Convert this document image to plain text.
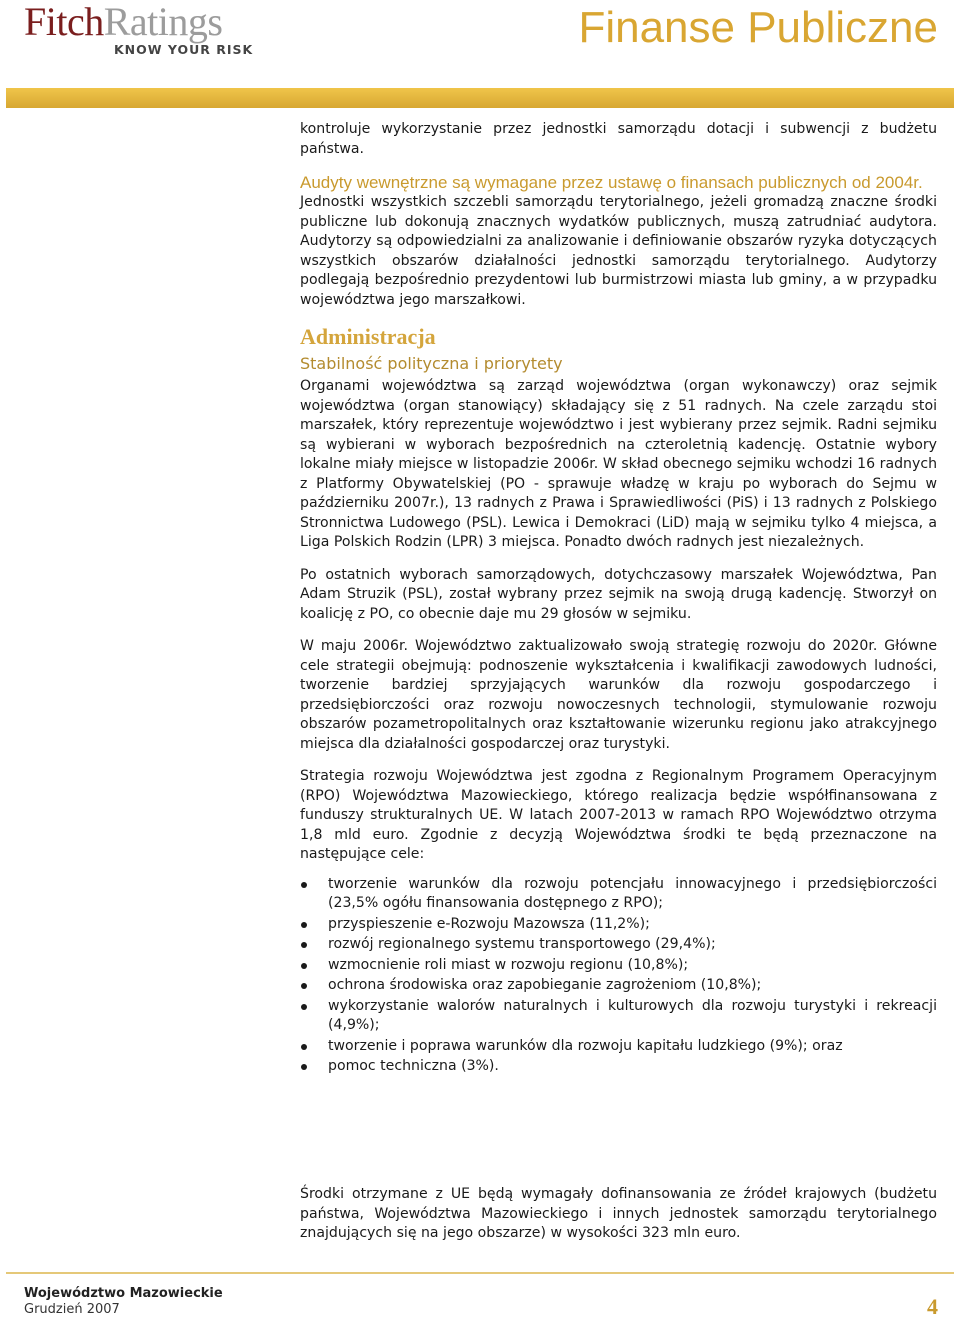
FitchRatings
KNOW YOUR RISK	Finanse Publiczne

kontroluje wykorzystanie przez jednostki samorządu dotacji i subwencji z budżetu państwa.

Audyty wewnętrzne są wymagane przez ustawę o finansach publicznych od 2004r.

Jednostki wszystkich szczebli samorządu terytorialnego, jeżeli gromadzą znaczne środki publiczne lub dokonują znacznych wydatków publicznych, muszą zatrudniać audytora. Audytorzy są odpowiedzialni za analizowanie i definiowanie obszarów ryzyka dotyczących wszystkich obszarów działalności jednostki samorządu terytorialnego. Audytorzy podlegają bezpośrednio prezydentowi lub burmistrzowi miasta lub gminy, a w przypadku województwa jego marszałkowi.

Administracja
Stabilność polityczna i priorytety

Organami województwa są zarząd województwa (organ wykonawczy) oraz sejmik województwa (organ stanowiący) składający się z 51 radnych. Na czele zarządu stoi marszałek, który reprezentuje województwo i jest wybierany przez sejmik. Radni sejmiku są wybierani w wyborach bezpośrednich na czteroletnią kadencję. Ostatnie wybory lokalne miały miejsce w listopadzie 2006r. W skład obecnego sejmiku wchodzi 16 radnych z Platformy Obywatelskiej (PO - sprawuje władzę w kraju po wyborach do Sejmu w październiku 2007r.), 13 radnych z Prawa i Sprawiedliwości (PiS) i 13 radnych z Polskiego Stronnictwa Ludowego (PSL). Lewica i Demokraci (LiD) mają w sejmiku tylko 4 miejsca, a Liga Polskich Rodzin (LPR) 3 miejsca. Ponadto dwóch radnych jest niezależnych.

Po ostatnich wyborach samorządowych, dotychczasowy marszałek Województwa, Pan Adam Struzik (PSL), został wybrany przez sejmik na swoją drugą kadencję. Stworzył on koalicję z PO, co obecnie daje mu 29 głosów w sejmiku.

W maju 2006r. Województwo zaktualizowało swoją strategię rozwoju do 2020r. Główne cele strategii obejmują: podnoszenie wykształcenia i kwalifikacji zawodowych ludności, tworzenie bardziej sprzyjających warunków dla rozwoju gospodarczego i przedsiębiorczości oraz rozwoju nowoczesnych technologii, stymulowanie rozwoju obszarów pozametropolitalnych oraz kształtowanie wizerunku regionu jako atrakcyjnego miejsca dla działalności gospodarczej oraz turystyki.

Strategia rozwoju Województwa jest zgodna z Regionalnym Programem Operacyjnym (RPO) Województwa Mazowieckiego, którego realizacja będzie współfinansowana z funduszy strukturalnych UE. W latach 2007-2013 w ramach RPO Województwo otrzyma 1,8 mld euro. Zgodnie z decyzją Województwa środki te będą przeznaczone na następujące cele:

tworzenie warunków dla rozwoju potencjału innowacyjnego i przedsiębiorczości (23,5% ogółu finansowania dostępnego z RPO);
przyspieszenie e-Rozwoju Mazowsza (11,2%);
rozwój regionalnego systemu transportowego (29,4%);
wzmocnienie roli miast w rozwoju regionu (10,8%);
ochrona środowiska oraz zapobieganie zagrożeniom (10,8%);
wykorzystanie walorów naturalnych i kulturowych dla rozwoju turystyki i rekreacji (4,9%);
tworzenie i poprawa warunków dla rozwoju kapitału ludzkiego (9%); oraz
pomoc techniczna (3%).

Środki otrzymane z UE będą wymagały dofinansowania ze źródeł krajowych (budżetu państwa, Województwa Mazowieckiego i innych jednostek samorządu terytorialnego znajdujących się na jego obszarze) w wysokości 323 mln euro.

Województwo Mazowieckie
Grudzień 2007	4
